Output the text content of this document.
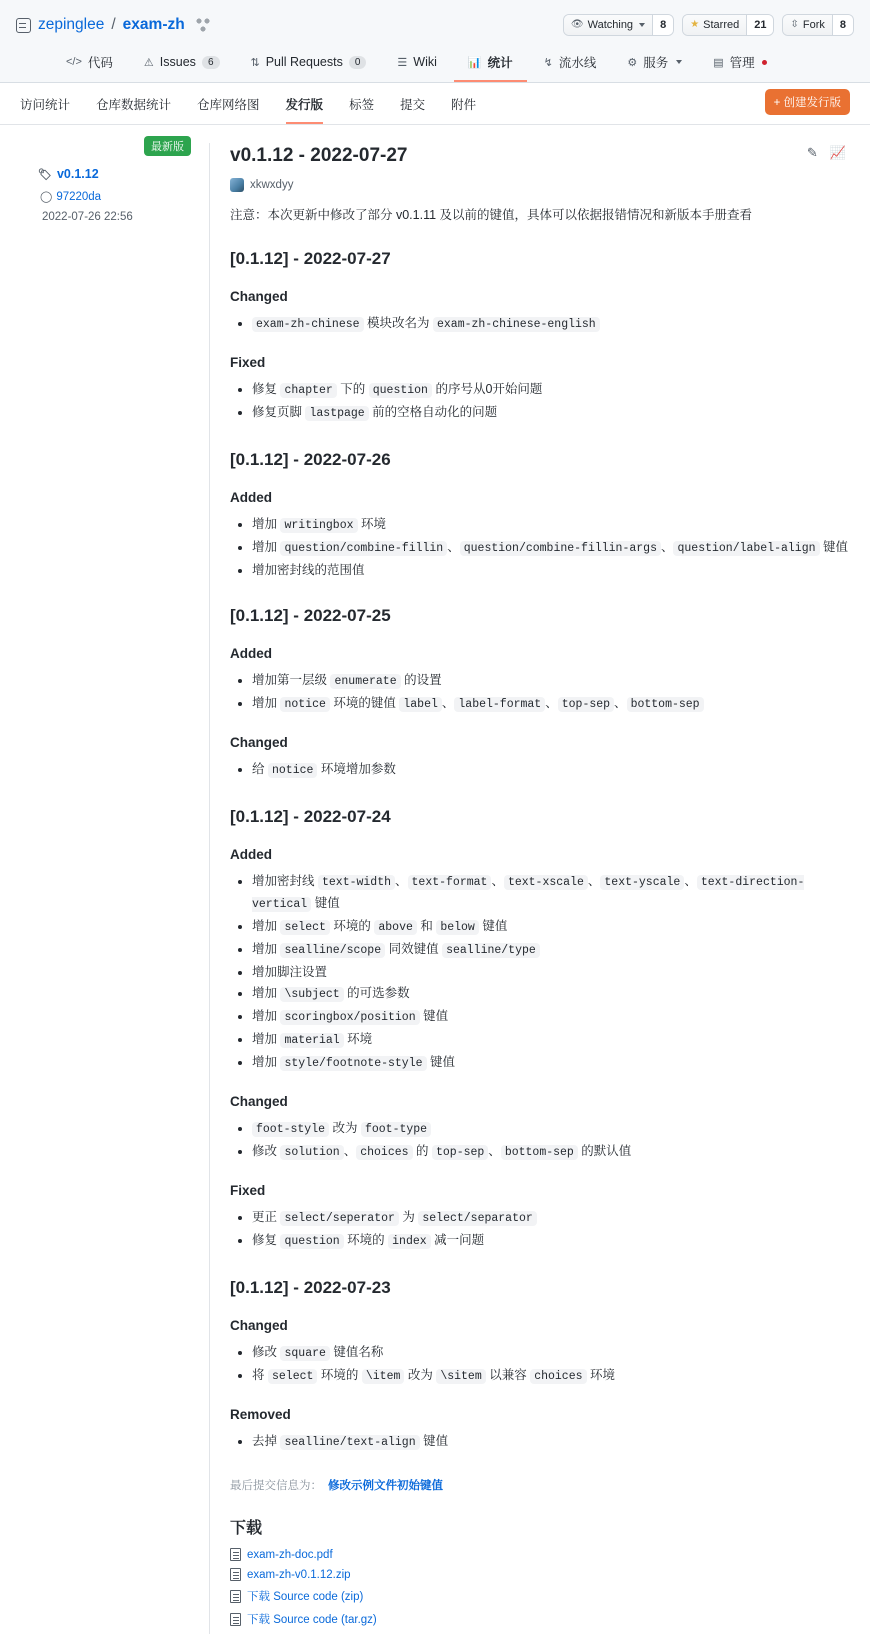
zepinglee / exam-zh	👁 Watching	8	★ Starred	21	⇳ Fork	8
</> 代码	⚠ Issues	6	⇅ Pull Requests	0	☰ Wiki	📊 统计	↯ 流水线	⚙ 服务	▤ 管理
访问统计 仓库数据统计 仓库网络图 发行版 标签 提交 附件	+ 创建发行版
最新版
🏷 v0.1.12
◯ 97220da
2022-07-26 22:56
✎ 📈
v0.1.12 - 2022-07-27
xkwxdyy
注意：本次更新中修改了部分 v0.1.11 及以前的键值，具体可以依据报错情况和新版本手册查看
[0.1.12] - 2022-07-27
Changed
• exam-zh-chinese 模块改名为 exam-zh-chinese-english
Fixed
• 修复 chapter 下的 question 的序号从0开始问题
• 修复页脚 lastpage 前的空格自动化的问题
[0.1.12] - 2022-07-26
Added
• 增加 writingbox 环境
• 增加 question/combine-fillin 、 question/combine-fillin-args 、 question/label-align 键值
• 增加密封线的范围值
[0.1.12] - 2022-07-25
Added
• 增加第一层级 enumerate 的设置
• 增加 notice 环境的键值 label 、 label-format 、 top-sep 、 bottom-sep
Changed
• 给 notice 环境增加参数
[0.1.12] - 2022-07-24
Added
• 增加密封线 text-width 、 text-format 、 text-xscale 、 text-yscale 、 text-direction-vertical 键值
• 增加 select 环境的 above 和 below 键值
• 增加 sealline/scope 同效键值 sealline/type
• 增加脚注设置
• 增加 \subject 的可选参数
• 增加 scoringbox/position 键值
• 增加 material 环境
• 增加 style/footnote-style 键值
Changed
• foot-style 改为 foot-type
• 修改 solution 、 choices 的 top-sep 、 bottom-sep 的默认值
Fixed
• 更正 select/seperator 为 select/separator
• 修复 question 环境的 index 减一问题
[0.1.12] - 2022-07-23
Changed
• 修改 square 键值名称
• 将 select 环境的 \item 改为 \sitem 以兼容 choices 环境
Removed
• 去掉 sealline/text-align 键值
最后提交信息为： 修改示例文件初始键值
下载
exam-zh-doc.pdf
exam-zh-v0.1.12.zip
下载 Source code (zip)
下载 Source code (tar.gz)
